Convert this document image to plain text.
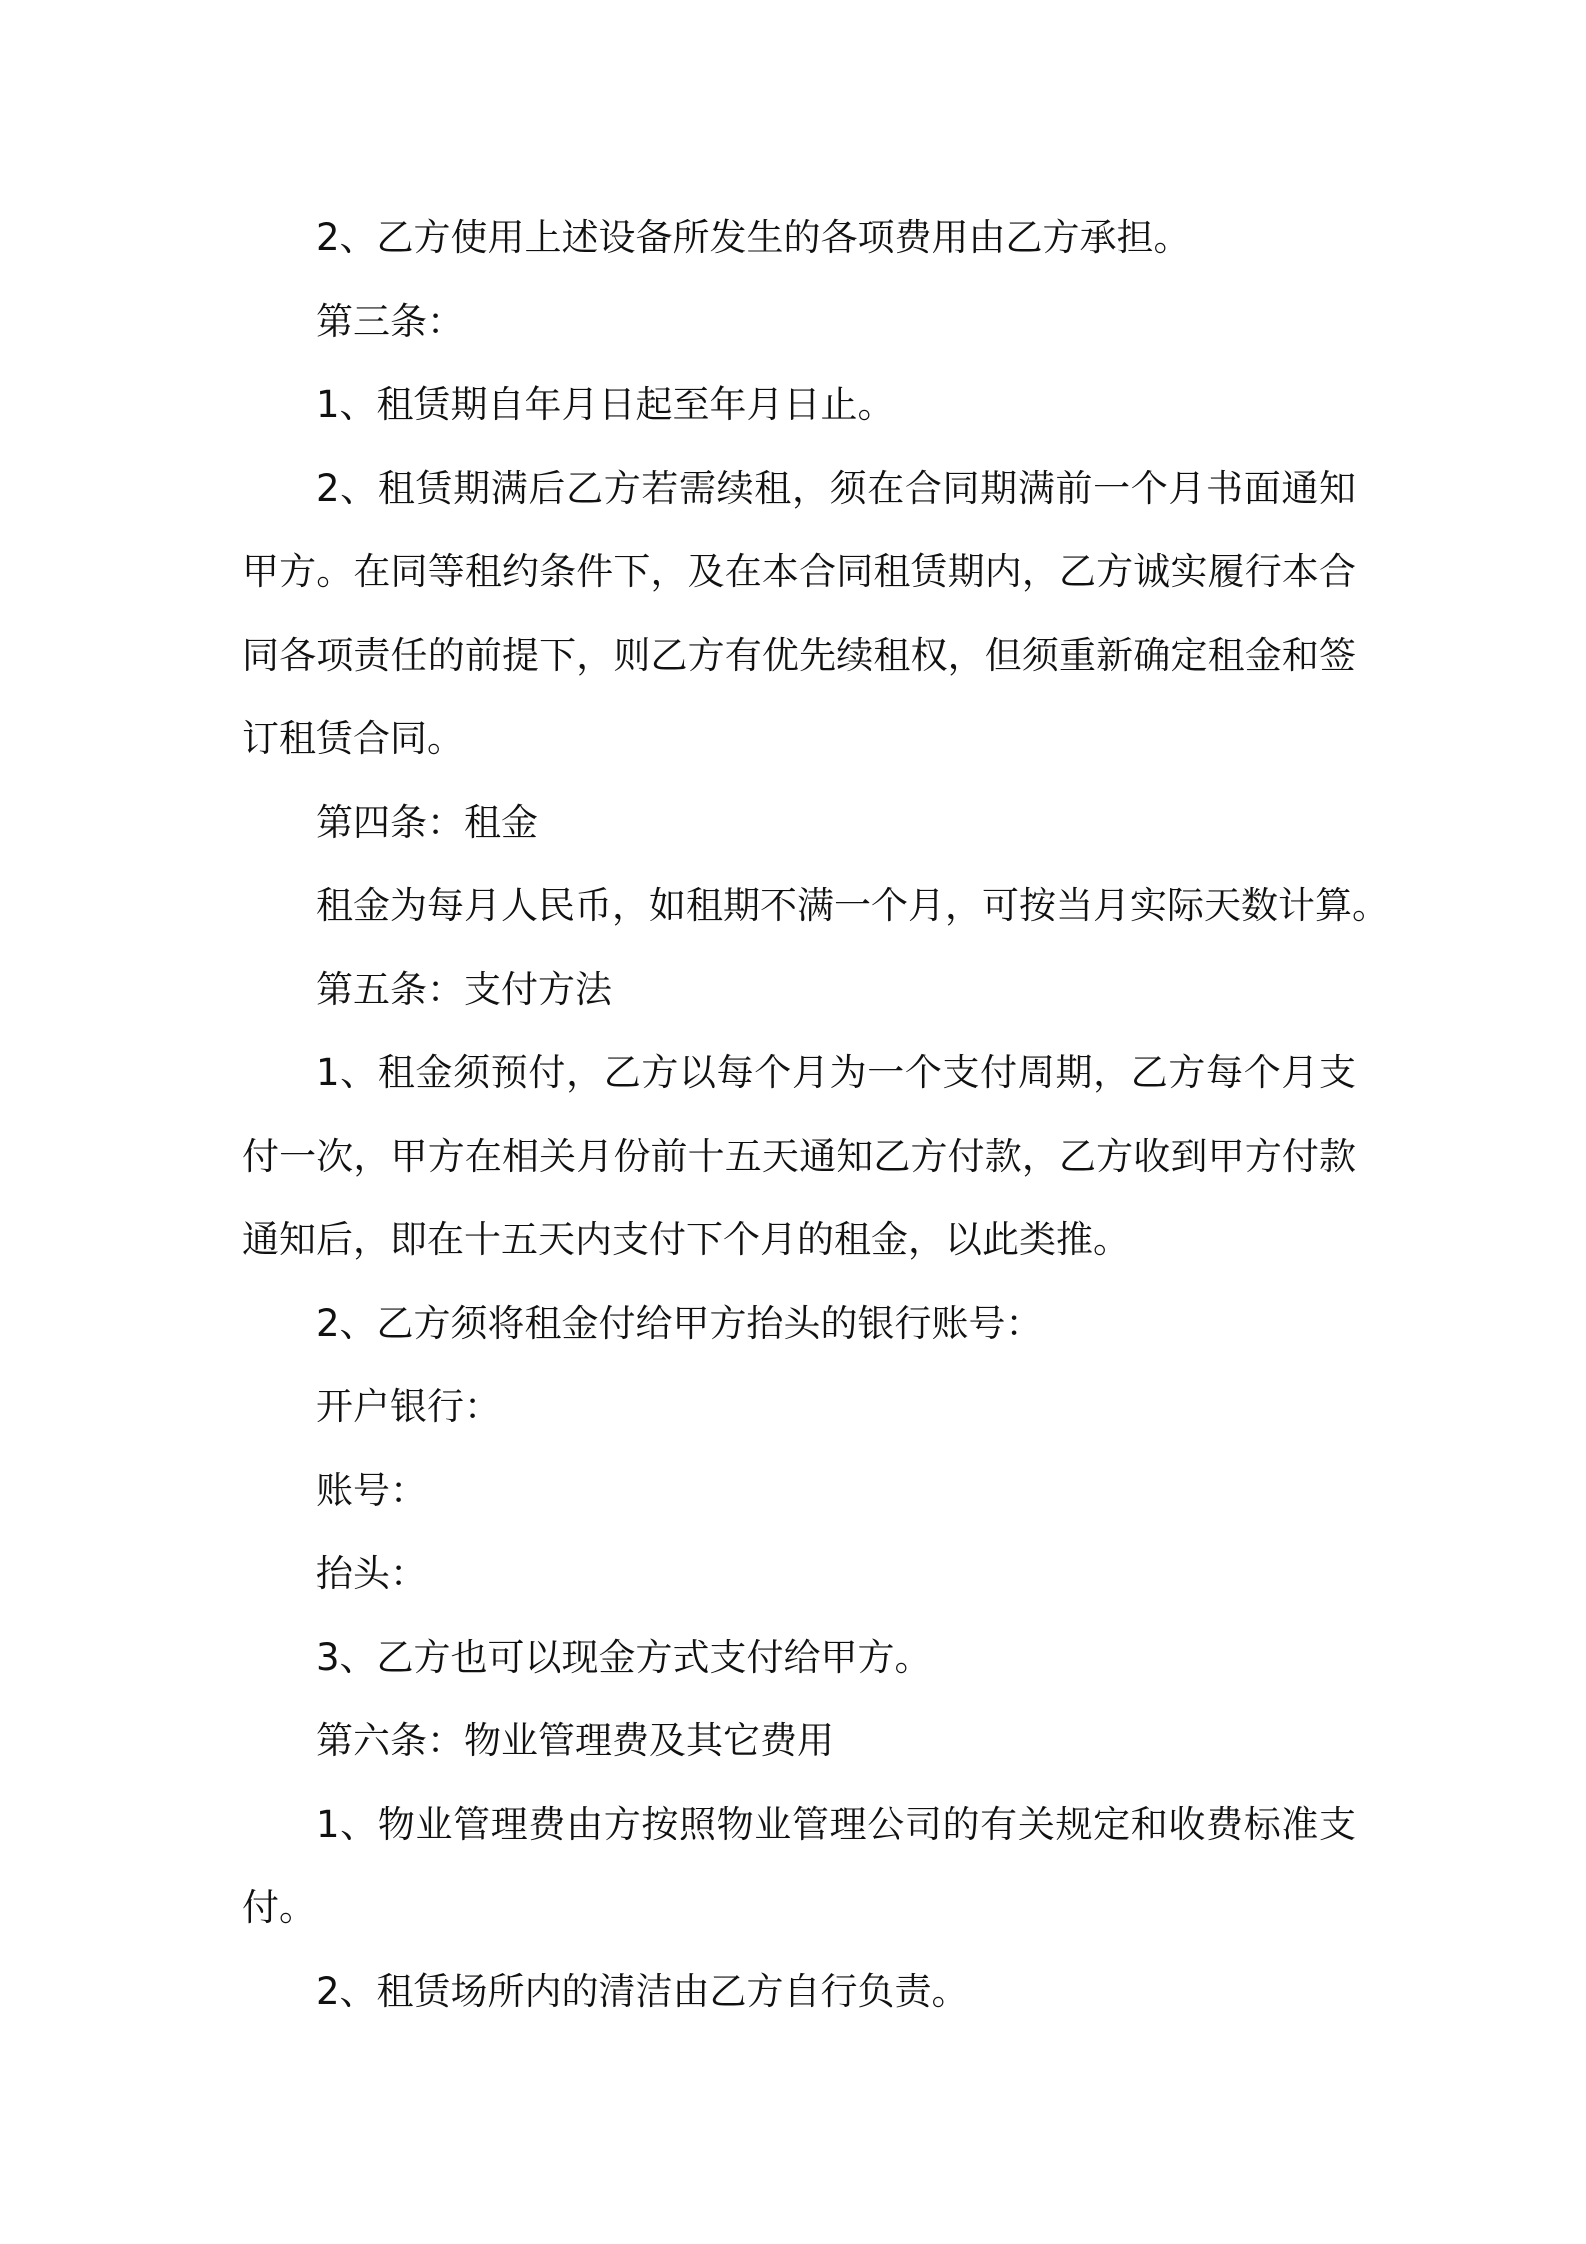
2、乙方使用上述设备所发生的各项费用由乙方承担。

第三条：

1、租赁期自年月日起至年月日止。

2、租赁期满后乙方若需续租，须在合同期满前一个月书面通知
甲方。在同等租约条件下，及在本合同租赁期内，乙方诚实履行本合
同各项责任的前提下，则乙方有优先续租权，但须重新确定租金和签
订租赁合同。

第四条：租金

租金为每月人民币，如租期不满一个月，可按当月实际天数计算。

第五条：支付方法

1、租金须预付，乙方以每个月为一个支付周期，乙方每个月支
付一次，甲方在相关月份前十五天通知乙方付款，乙方收到甲方付款
通知后，即在十五天内支付下个月的租金，以此类推。

2、乙方须将租金付给甲方抬头的银行账号：

开户银行：

账号：

抬头：

3、乙方也可以现金方式支付给甲方。

第六条：物业管理费及其它费用

1、物业管理费由方按照物业管理公司的有关规定和收费标准支
付。

2、租赁场所内的清洁由乙方自行负责。
